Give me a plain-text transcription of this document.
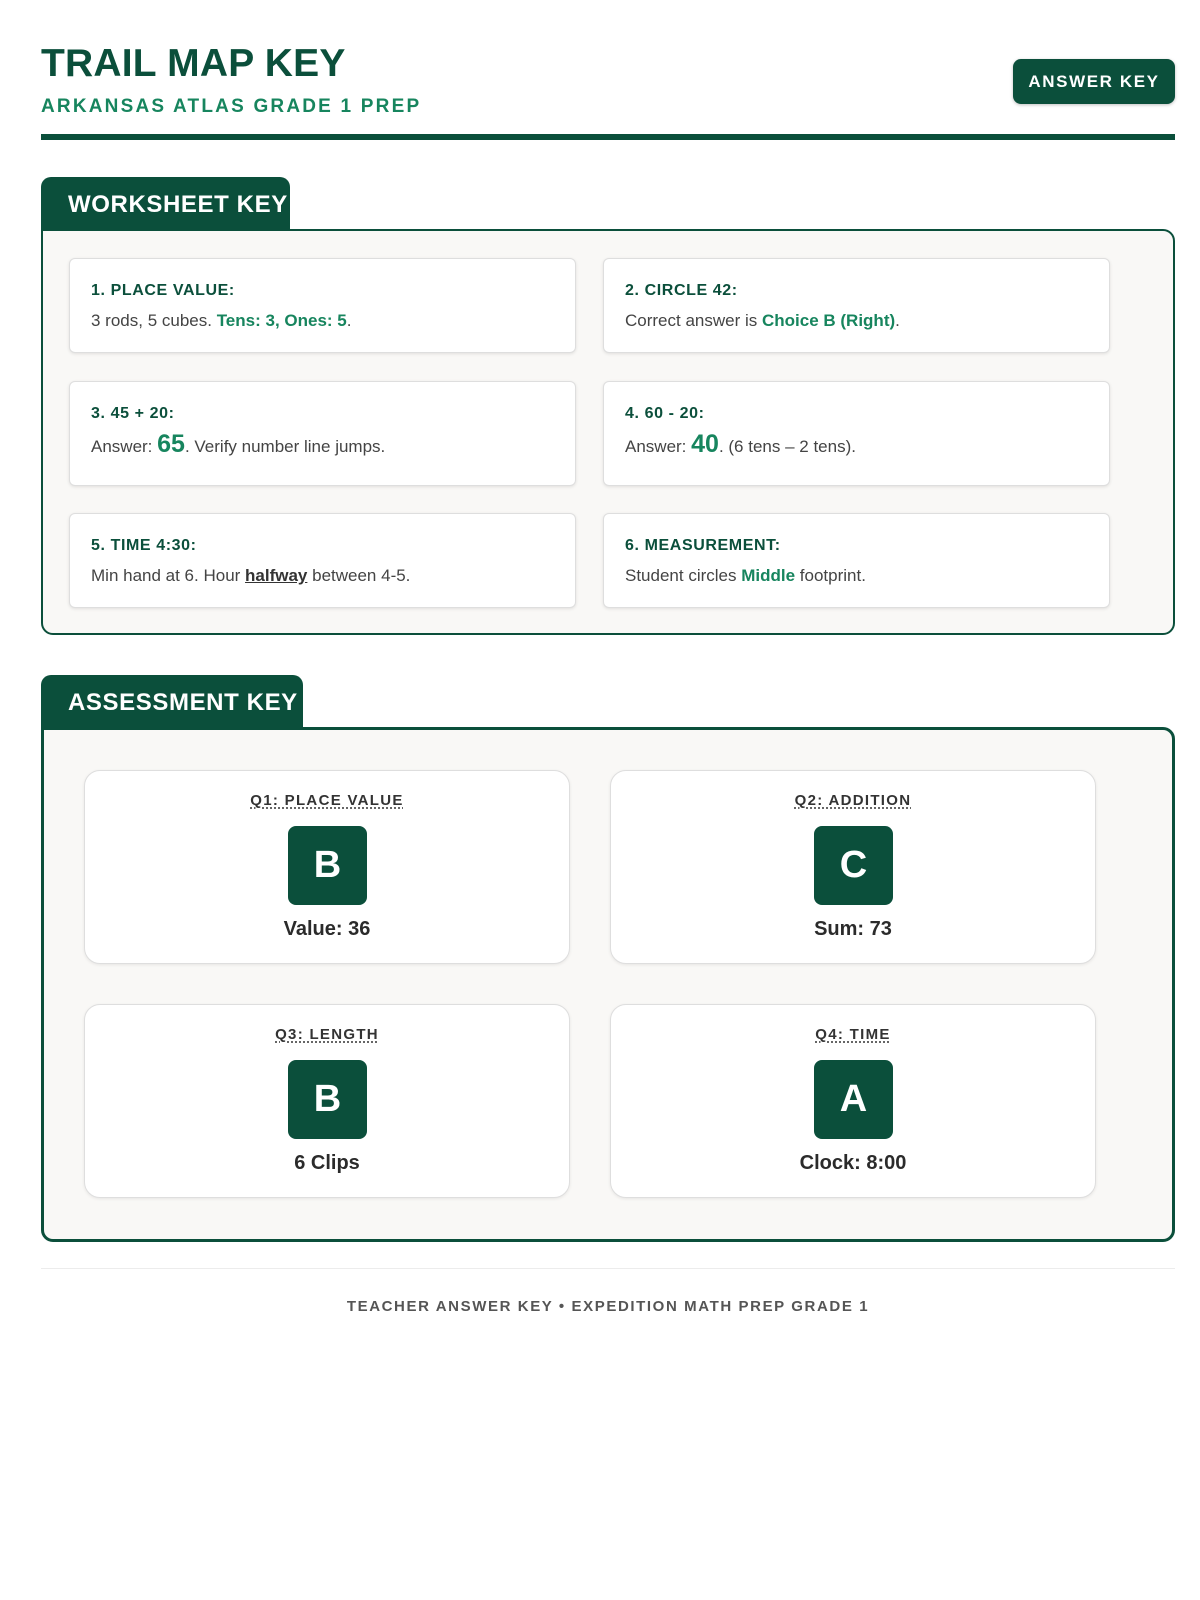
TRAIL MAP KEY
ARKANSAS ATLAS GRADE 1 PREP
ANSWER KEY
WORKSHEET KEY
1. PLACE VALUE:
3 rods, 5 cubes. Tens: 3, Ones: 5.
2. CIRCLE 42:
Correct answer is Choice B (Right).
3. 45 + 20:
Answer: 65. Verify number line jumps.
4. 60 - 20:
Answer: 40. (6 tens – 2 tens).
5. TIME 4:30:
Min hand at 6. Hour halfway between 4-5.
6. MEASUREMENT:
Student circles Middle footprint.
ASSESSMENT KEY
Q1: PLACE VALUE
B
Value: 36
Q2: ADDITION
C
Sum: 73
Q3: LENGTH
B
6 Clips
Q4: TIME
A
Clock: 8:00
TEACHER ANSWER KEY • EXPEDITION MATH PREP GRADE 1
